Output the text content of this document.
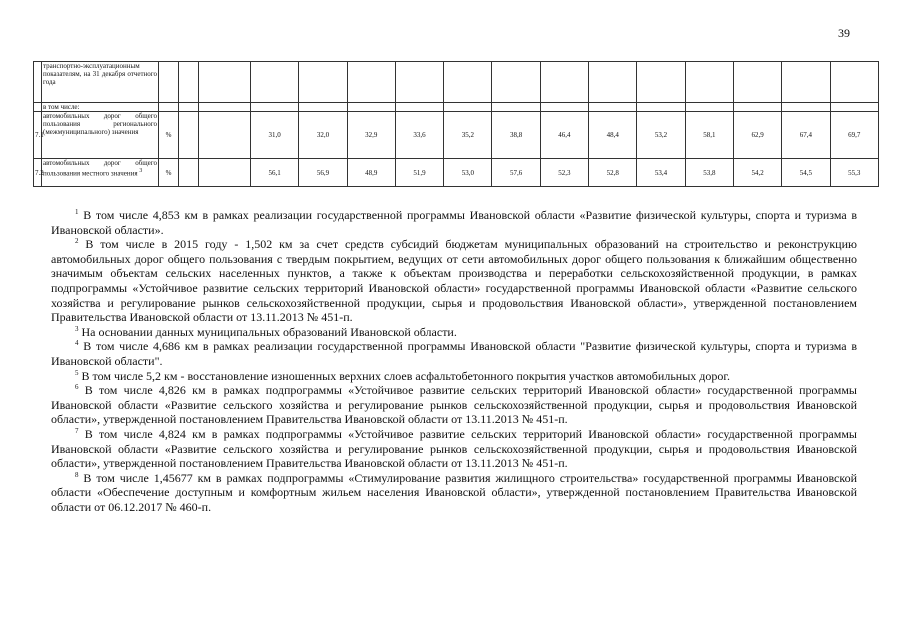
39
	транспортно-эксплуатационным показателям, на 31 декабря отчетного года																
	в том числе:																
7.1	автомобильных дорог общего пользования регионального (межмуниципального) значения	%			31,0	32,0	32,9	33,6	35,2	38,8	46,4	48,4	53,2	58,1	62,9	67,4	69,7
7.2	автомобильных дорог общего пользования местного значения $^3$	%			56,1	56,9	48,9	51,9	53,0	57,6	52,3	52,8	53,4	53,8	54,2	54,5	55,3

$^1$ В том числе 4,853 км в рамках реализации государственной программы Ивановской области «Развитие физической культуры, спорта и туризма в Ивановской области».

$^2$ В том числе в 2015 году - 1,502 км за счет средств субсидий бюджетам муниципальных образований на строительство и реконструкцию автомобильных дорог общего пользования с твердым покрытием, ведущих от сети автомобильных дорог общего пользования к ближайшим общественно значимым объектам сельских населенных пунктов, а также к объектам производства и переработки сельскохозяйственной продукции, в рамках подпрограммы «Устойчивое развитие сельских территорий Ивановской области» государственной программы Ивановской области «Развитие сельского хозяйства и регулирование рынков сельскохозяйственной продукции, сырья и продовольствия Ивановской области», утвержденной постановлением Правительства Ивановской области от 13.11.2013 № 451-п.

$^3$ На основании данных муниципальных образований Ивановской области.

$^4$ В том числе 4,686 км в рамках реализации государственной программы Ивановской области "Развитие физической культуры, спорта и туризма в Ивановской области".

$^5$ В том числе 5,2 км - восстановление изношенных верхних слоев асфальтобетонного покрытия участков автомобильных дорог.

$^6$ В том числе 4,826 км в рамках подпрограммы «Устойчивое развитие сельских территорий Ивановской области» государственной программы Ивановской области «Развитие сельского хозяйства и регулирование рынков сельскохозяйственной продукции, сырья и продовольствия Ивановской области», утвержденной постановлением Правительства Ивановской области от 13.11.2013 № 451-п.

$^7$ В том числе 4,824 км в рамках подпрограммы «Устойчивое развитие сельских территорий Ивановской области» государственной программы Ивановской области «Развитие сельского хозяйства и регулирование рынков сельскохозяйственной продукции, сырья и продовольствия Ивановской области», утвержденной постановлением Правительства Ивановской области от 13.11.2013 № 451-п.

$^8$ В том числе 1,45677 км в рамках подпрограммы «Стимулирование развития жилищного строительства» государственной программы Ивановской области «Обеспечение доступным и комфортным жильем населения Ивановской области», утвержденной постановлением Правительства Ивановской области от 06.12.2017 № 460-п.
